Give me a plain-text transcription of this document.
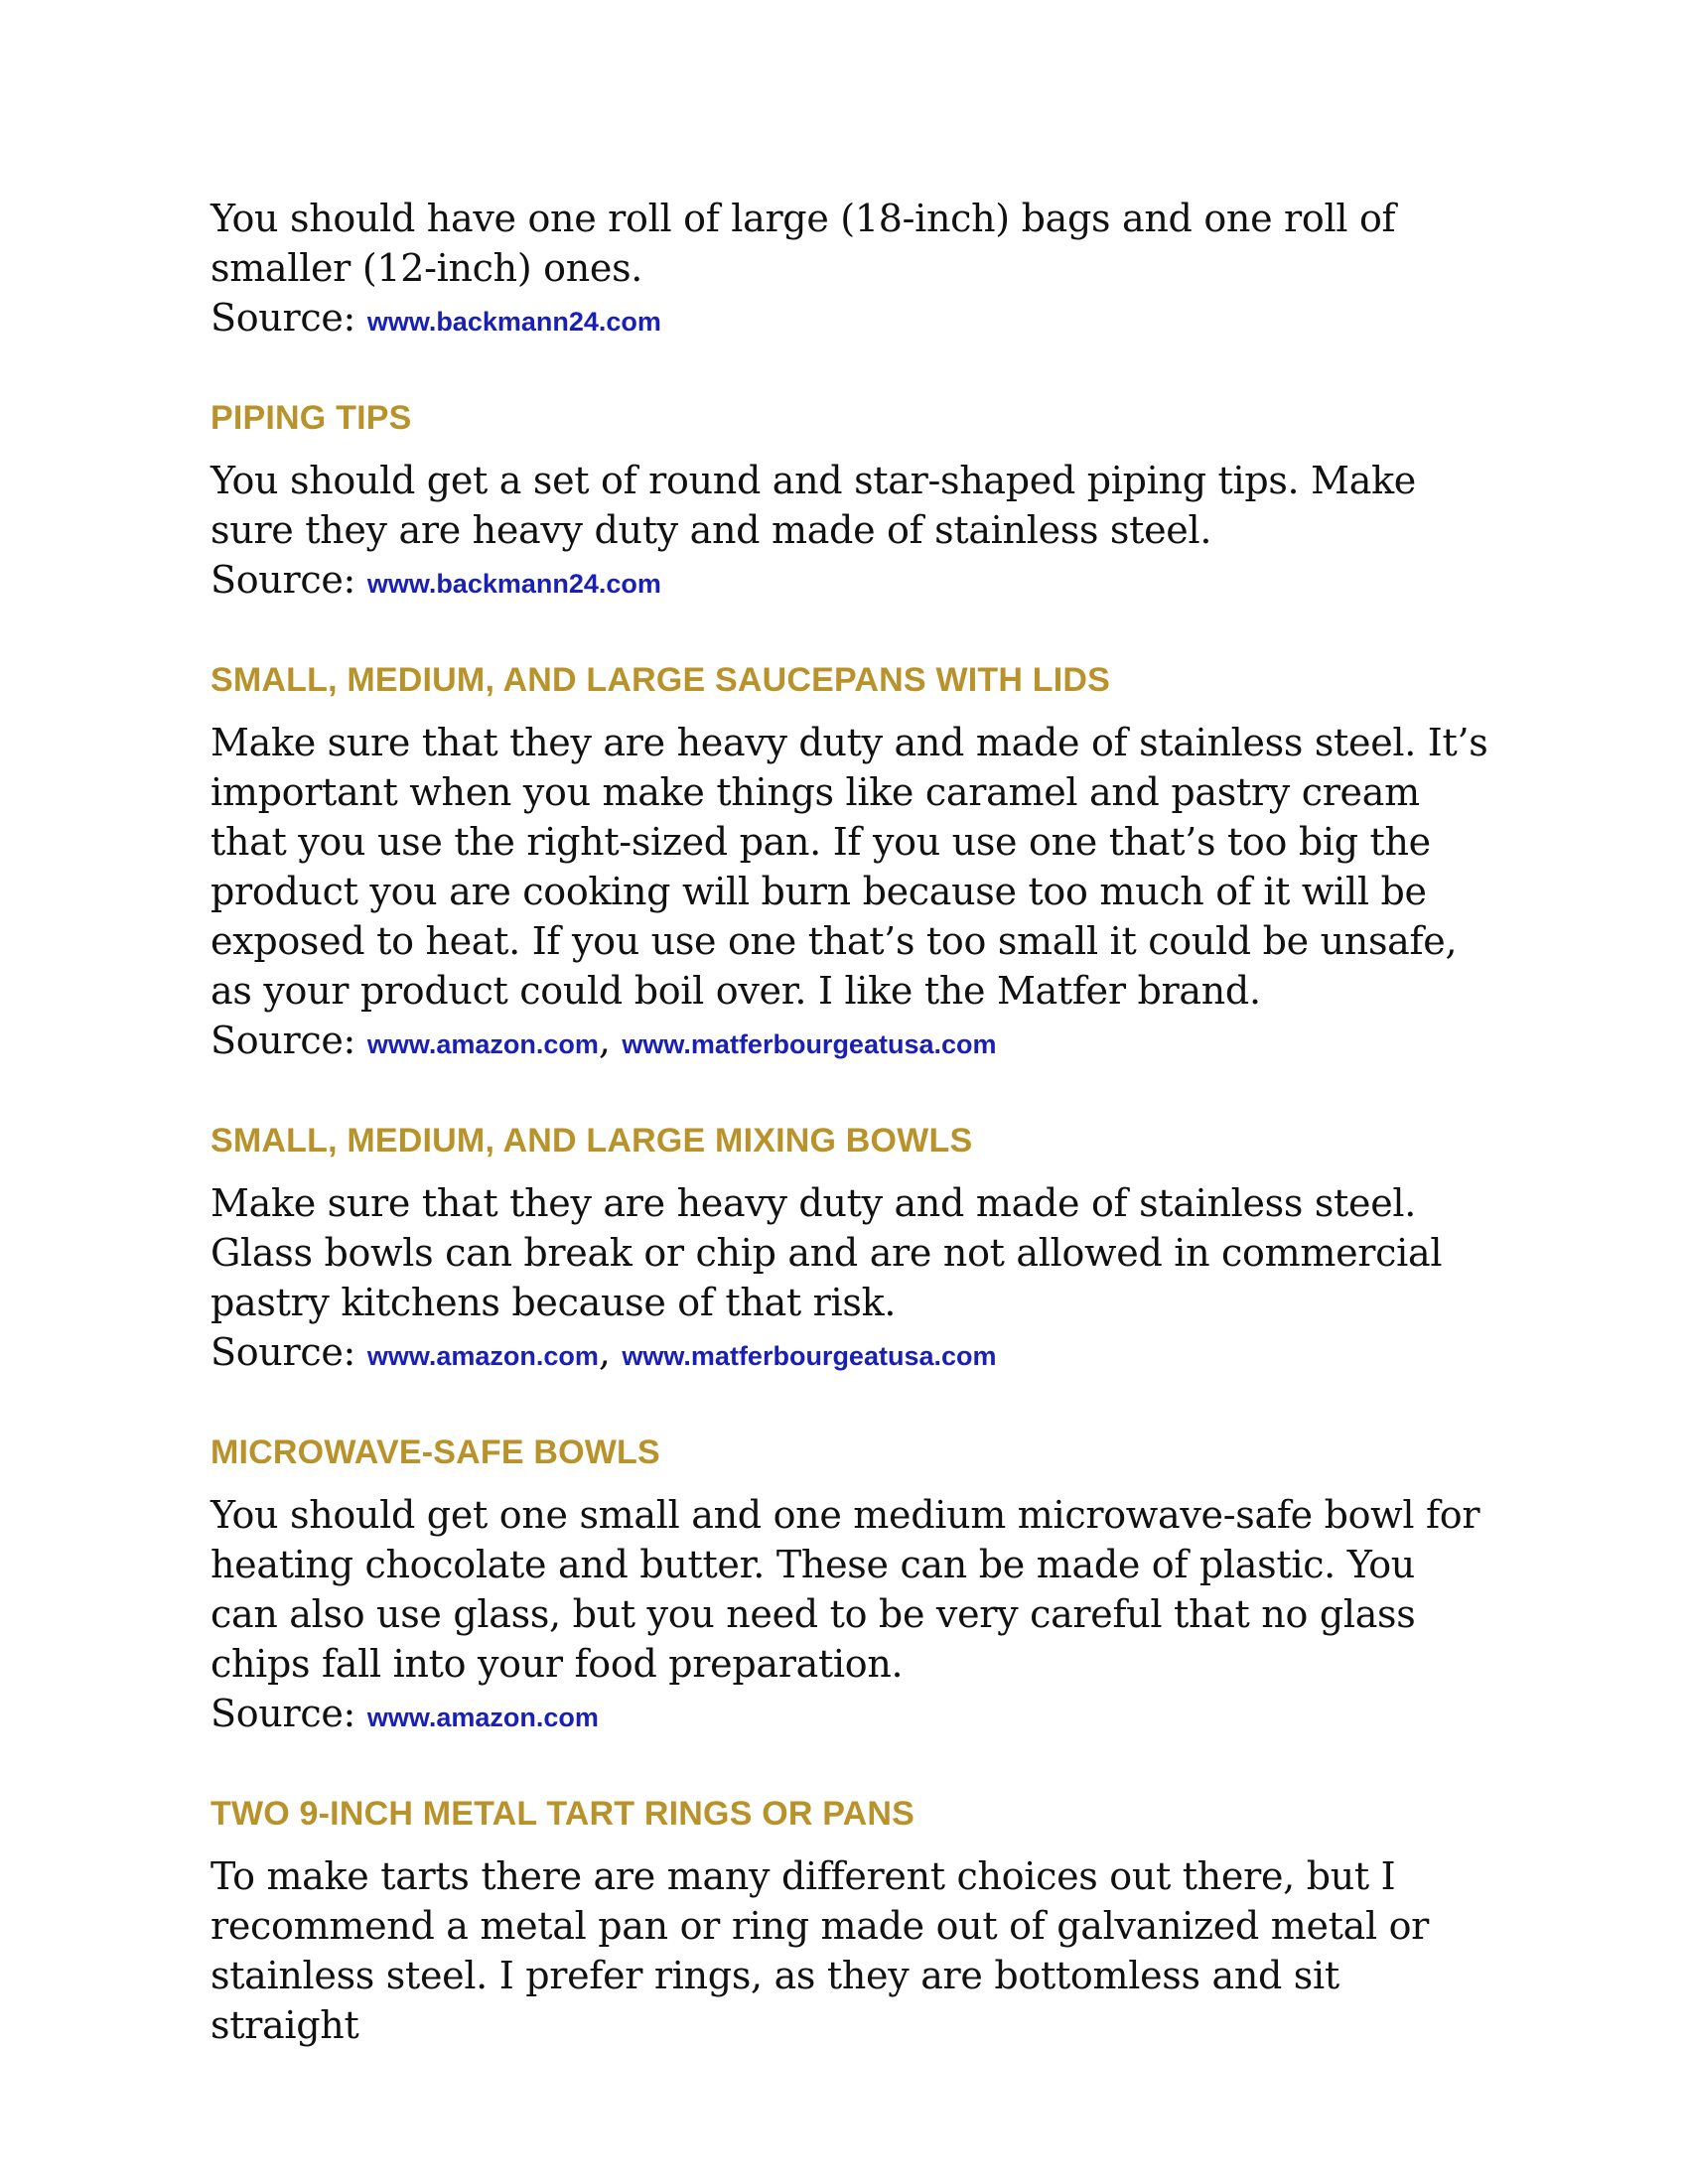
You should have one roll of large (18-inch) bags and one roll of smaller (12-inch) ones.

Source: www.backmann24.com

PIPING TIPS

You should get a set of round and star-shaped piping tips. Make sure they are heavy duty and made of stainless steel.

Source: www.backmann24.com

SMALL, MEDIUM, AND LARGE SAUCEPANS WITH LIDS

Make sure that they are heavy duty and made of stainless steel. It’s important when you make things like caramel and pastry cream that you use the right-sized pan. If you use one that’s too big the product you are cooking will burn because too much of it will be exposed to heat. If you use one that’s too small it could be unsafe, as your product could boil over. I like the Matfer brand.

Source: www.amazon.com, www.matferbourgeatusa.com

SMALL, MEDIUM, AND LARGE MIXING BOWLS

Make sure that they are heavy duty and made of stainless steel. Glass bowls can break or chip and are not allowed in commercial pastry kitchens because of that risk.

Source: www.amazon.com, www.matferbourgeatusa.com

MICROWAVE-SAFE BOWLS

You should get one small and one medium microwave-safe bowl for heating chocolate and butter. These can be made of plastic. You can also use glass, but you need to be very careful that no glass chips fall into your food preparation.

Source: www.amazon.com

TWO 9-INCH METAL TART RINGS OR PANS

To make tarts there are many different choices out there, but I recommend a metal pan or ring made out of galvanized metal or stainless steel. I prefer rings, as they are bottomless and sit straight
